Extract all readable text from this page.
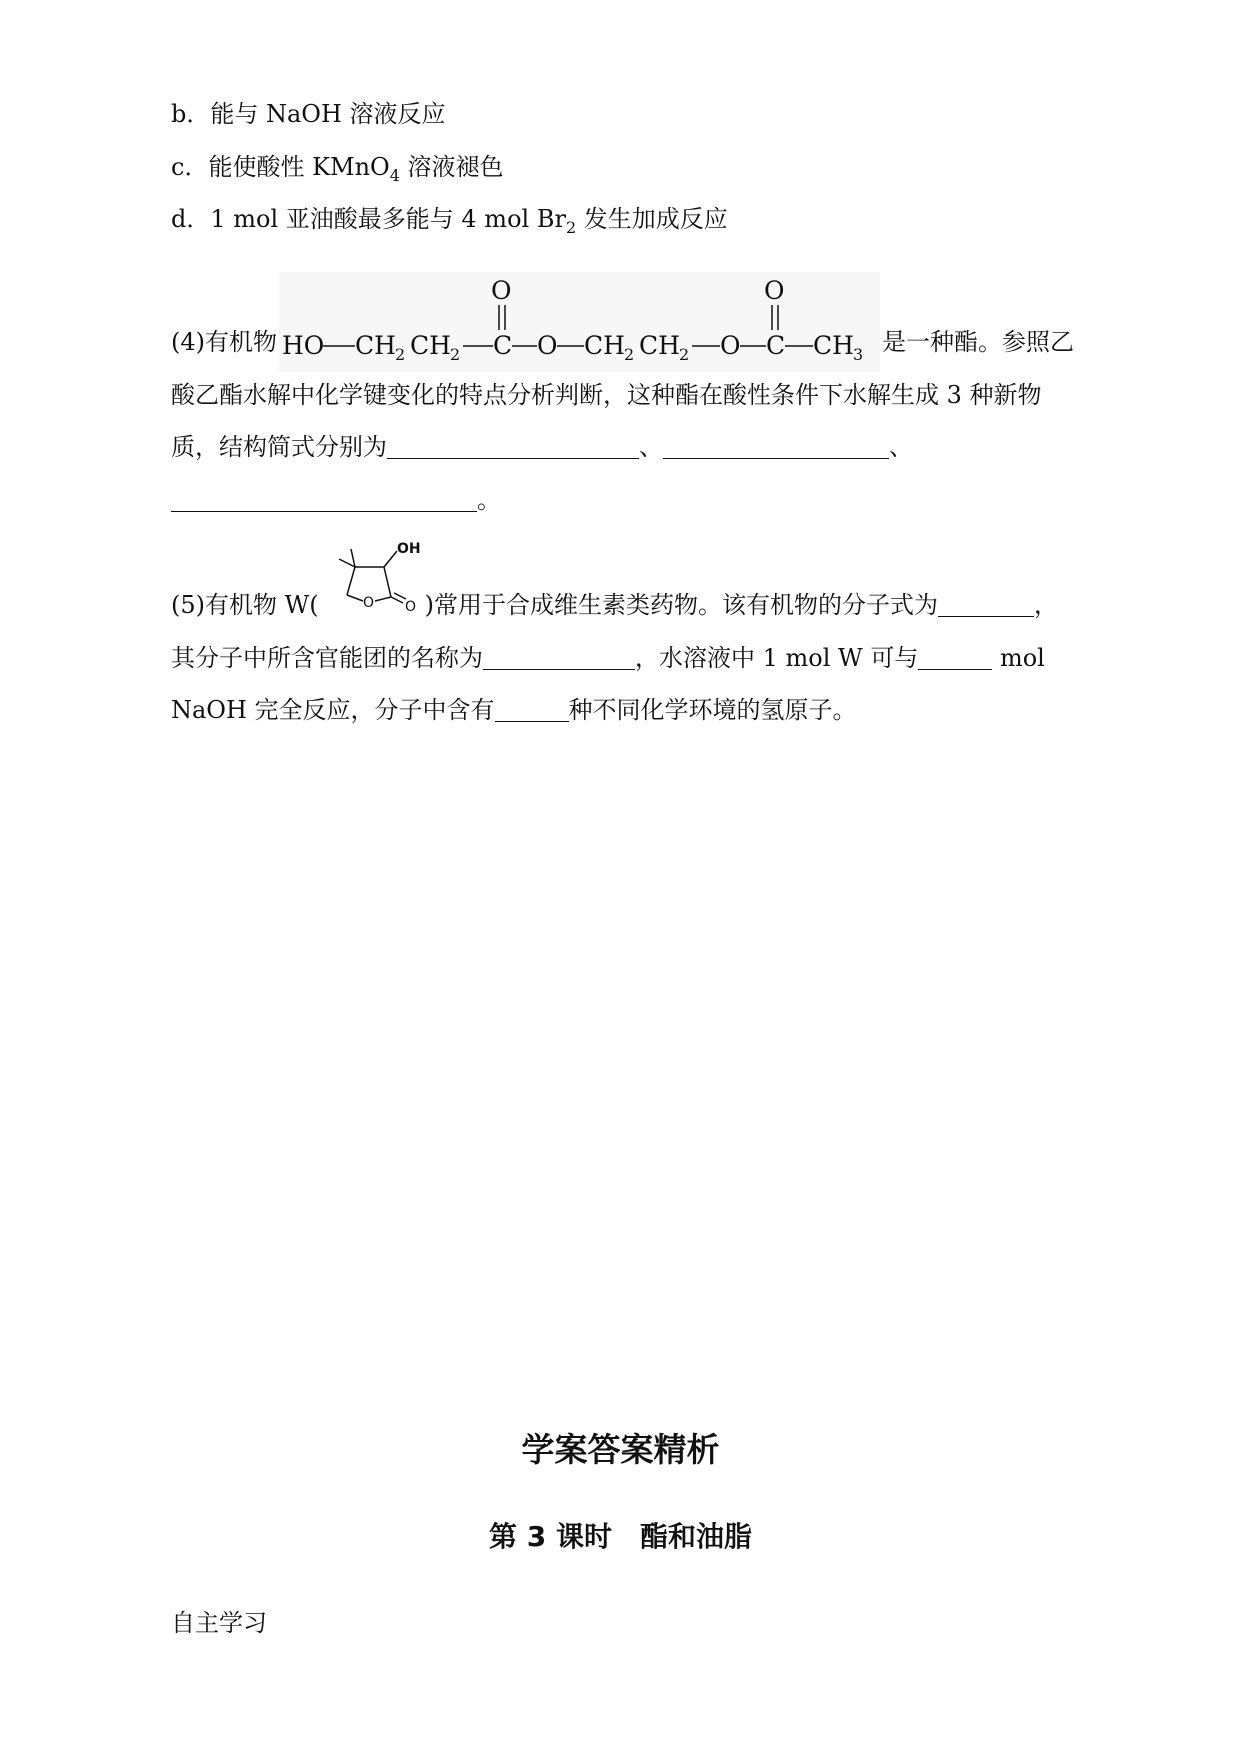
b．能与 NaOH 溶液反应
c．能使酸性 KMnO$_4$ 溶液褪色
d．1 mol 亚油酸最多能与 4 mol $Br_2$ 发生加成反应
(4)有机物 HO CH 2 CH 2 C
O
O CH 2 CH 2 O C
O
CH 3 是一种酯。参照乙
酸乙酯水解中化学键变化的特点分析判断，这种酯在酸性条件下水解生成 3 种新物
质，结构简式分别为	、	、
。
(5)有机物 W(
OH
O O )常用于合成维生素类药物。该有机物的分子式为	，
其分子中所含官能团的名称为	，水溶液中 1 mol W 可与	mol
NaOH 完全反应，分子中含有	种不同化学环境的氢原子。
学案答案精析
第 3 课时　酯和油脂
自主学习
